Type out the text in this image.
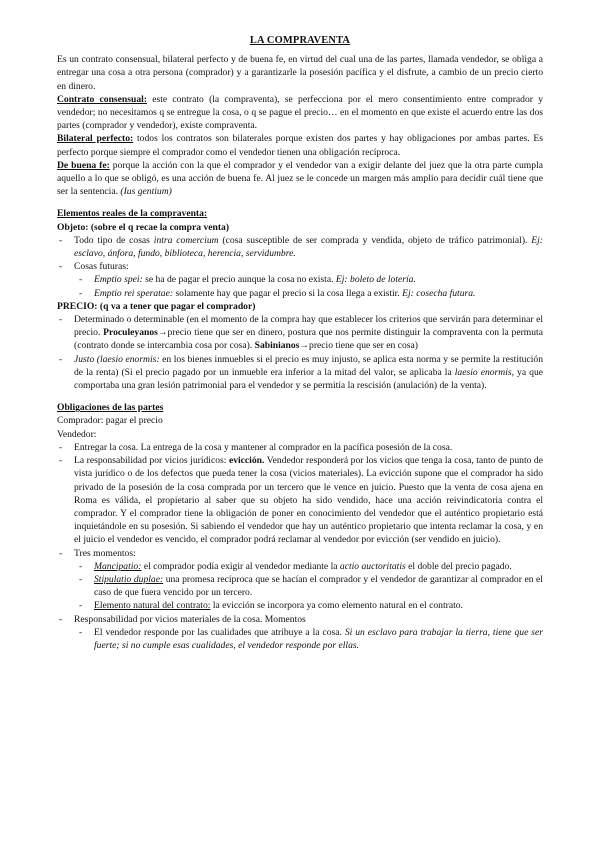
LA COMPRAVENTA

Es un contrato consensual, bilateral perfecto y de buena fe, en virtud del cual una de las partes, llamada vendedor, se obliga a entregar una cosa a otra persona (comprador) y a garantizarle la posesión pacífica y el disfrute, a cambio de un precio cierto en dinero.

Contrato consensual: este contrato (la compraventa), se perfecciona por el mero consentimiento entre comprador y vendedor; no necesitamos q se entregue la cosa, o q se pague el precio… en el momento en que existe el acuerdo entre las dos partes (comprador y vendedor), existe compraventa.

Bilateral perfecto: todos los contratos son bilaterales porque existen dos partes y hay obligaciones por ambas partes. Es perfecto porque siempre el comprador como el vendedor tienen una obligación recíproca.

De buena fe: porque la acción con la que el comprador y el vendedor van a exigir delante del juez que la otra parte cumpla aquello a lo que se obligó, es una acción de buena fe. Al juez se le concede un margen más amplio para decidir cuál tiene que ser la sentencia. (Ius gentium)

Elementos reales de la compraventa:

Objeto: (sobre el q recae la compra venta)

- Todo tipo de cosas intra comercium (cosa susceptible de ser comprada y vendida, objeto de tráfico patrimonial). Ej: esclavo, ánfora, fundo, biblioteca, herencia, servidumbre.

- Cosas futuras:

- Emptio spei: se ha de pagar el precio aunque la cosa no exista. Ej: boleto de lotería.

- Emptio rei speratae: solamente hay que pagar el precio si la cosa llega a existir. Ej: cosecha futura.

PRECIO: (q va a tener que pagar el comprador)

- Determinado o determinable (en el momento de la compra hay que establecer los criterios que servirán para determinar el precio. Proculeyanos→precio tiene que ser en dinero, postura que nos permite distinguir la compraventa con la permuta (contrato donde se intercambia cosa por cosa). Sabinianos→precio tiene que ser en cosa)

- Justo (laesio enormis: en los bienes inmuebles si el precio es muy injusto, se aplica esta norma y se permite la restitución de la renta) (Si el precio pagado por un inmueble era inferior a la mitad del valor, se aplicaba la laesio enormis, ya que comportaba una gran lesión patrimonial para el vendedor y se permitía la rescisión (anulación) de la venta).

Obligaciones de las partes

Comprador: pagar el precio

Vendedor:

- Entregar la cosa. La entrega de la cosa y mantener al comprador en la pacífica posesión de la cosa.

- La responsabilidad por vicios jurídicos: evicción. Vendedor responderá por los vicios que tenga la cosa, tanto de punto de vista jurídico o de los defectos que pueda tener la cosa (vicios materiales). La evicción supone que el comprador ha sido privado de la posesión de la cosa comprada por un tercero que le vence en juicio. Puesto que la venta de cosa ajena en Roma es válida, el propietario al saber que su objeto ha sido vendido, hace una acción reivindicatoria contra el comprador. Y el comprador tiene la obligación de poner en conocimiento del vendedor que el auténtico propietario está inquietándole en su posesión. Si sabiendo el vendedor que hay un auténtico propietario que intenta reclamar la cosa, y en el juicio el vendedor es vencido, el comprador podrá reclamar al vendedor por evicción (ser vendido en juicio).

- Tres momentos:

- Mancipatio: el comprador podía exigir al vendedor mediante la actio auctoritatis el doble del precio pagado.

- Stipulatio duplae: una promesa recíproca que se hacían el comprador y el vendedor de garantizar al comprador en el caso de que fuera vencido por un tercero.

- Elemento natural del contrato: la evicción se incorpora ya como elemento natural en el contrato.

- Responsabilidad por vicios materiales de la cosa. Momentos

- El vendedor responde por las cualidades que atribuye a la cosa. Si un esclavo para trabajar la tierra, tiene que ser fuerte; si no cumple esas cualidades, el vendedor responde por ellas.
